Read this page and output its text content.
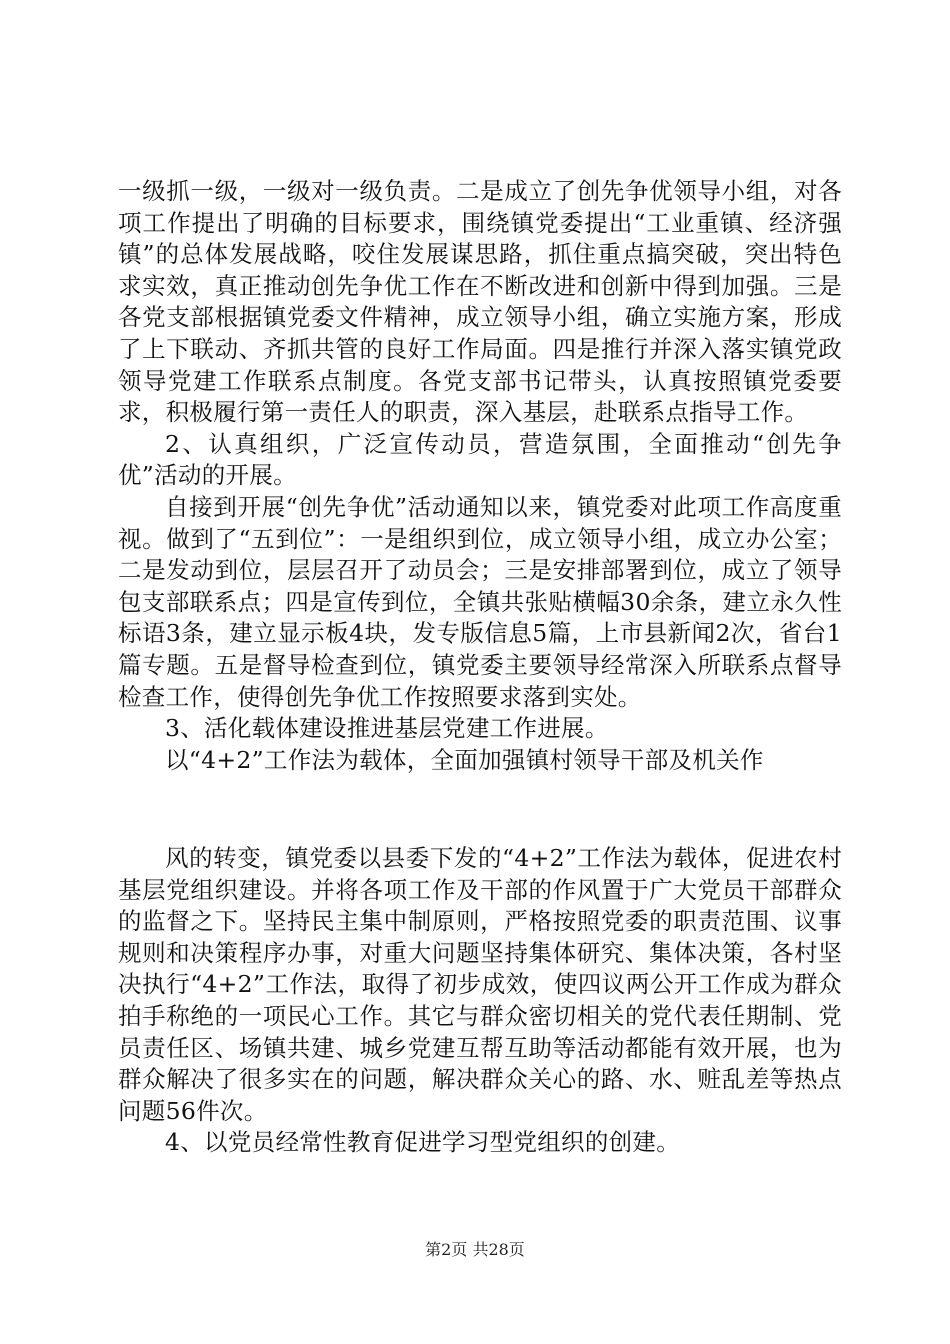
一级抓一级，一级对一级负责。二是成立了创先争优领导小组，对各项工作提出了明确的目标要求，围绕镇党委提出“工业重镇、经济强镇”的总体发展战略，咬住发展谋思路，抓住重点搞突破，突出特色求实效，真正推动创先争优工作在不断改进和创新中得到加强。三是各党支部根据镇党委文件精神，成立领导小组，确立实施方案，形成了上下联动、齐抓共管的良好工作局面。四是推行并深入落实镇党政领导党建工作联系点制度。各党支部书记带头，认真按照镇党委要求，积极履行第一责任人的职责，深入基层，赴联系点指导工作。

2、认真组织，广泛宣传动员，营造氛围，全面推动“创先争优”活动的开展。

自接到开展“创先争优”活动通知以来，镇党委对此项工作高度重视。做到了“五到位”：一是组织到位，成立领导小组，成立办公室；二是发动到位，层层召开了动员会；三是安排部署到位，成立了领导包支部联系点；四是宣传到位，全镇共张贴横幅30余条，建立永久性标语3条，建立显示板4块，发专版信息5篇，上市县新闻2次，省台1篇专题。五是督导检查到位，镇党委主要领导经常深入所联系点督导检查工作，使得创先争优工作按照要求落到实处。

3、活化载体建设推进基层党建工作进展。

以“4+2”工作法为载体，全面加强镇村领导干部及机关作

风的转变，镇党委以县委下发的“4+2”工作法为载体，促进农村基层党组织建设。并将各项工作及干部的作风置于广大党员干部群众的监督之下。坚持民主集中制原则，严格按照党委的职责范围、议事规则和决策程序办事，对重大问题坚持集体研究、集体决策，各村坚决执行“4+2”工作法，取得了初步成效，使四议两公开工作成为群众拍手称绝的一项民心工作。其它与群众密切相关的党代表任期制、党员责任区、场镇共建、城乡党建互帮互助等活动都能有效开展，也为群众解决了很多实在的问题，解决群众关心的路、水、赃乱差等热点问题56件次。

4、以党员经常性教育促进学习型党组织的创建。

第2页 共28页
